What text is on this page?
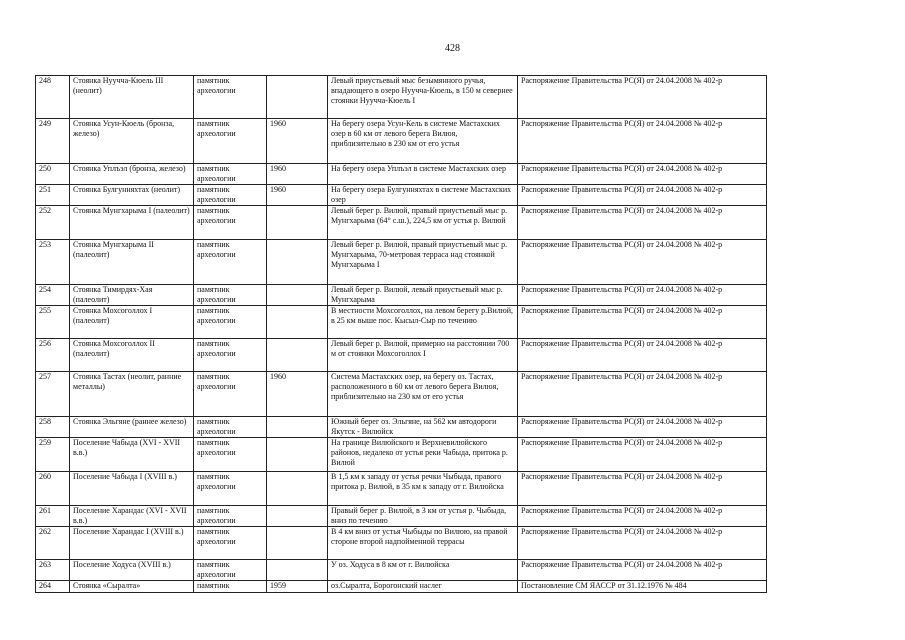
428
248	Стоянка Нуучча-Кюель III (неолит)	памятник археологии		Левый приустьевый мыс безымянного ручья, впадающего в озеро Нуучча-Кюель, в 150 м севернее стоянки Нуучча-Кюель I	Распоряжение Правительства РС(Я) от 24.04.2008 № 402-р
249	Стоянка Усун-Кюель (бронза, железо)	памятник археологии	1960	На берегу озера Усун-Кель в системе Мастахских озер в 60 км от левого берега Вилюя, приблизительно в 230 км от его устья	Распоряжение Правительства РС(Я) от 24.04.2008 № 402-р
250	Стоянка Уплъэл (бронза, железо)	памятник археологии	1960	На берегу озера Уплъэл в системе Мастахских озер	Распоряжение Правительства РС(Я) от 24.04.2008 № 402-р
251	Стоянка Булгунняхтах (неолит)	памятник археологии	1960	На берегу озера Булгунняхтах в системе Мастахских озер	Распоряжение Правительства РС(Я) от 24.04.2008 № 402-р
252	Стоянка Мунгхарыма I (палеолит)	памятник археологии		Левый берег р. Вилюй, правый приустьевый мыс р. Мунгхарыма (64° с.ш.), 224,5 км от устья р. Вилюй	Распоряжение Правительства РС(Я) от 24.04.2008 № 402-р
253	Стоянка Мунгхарыма II (палеолит)	памятник археологии		Левый берег р. Вилюй, правый приустьевый мыс р. Мунгхарыма, 70-метровая терраса над стоянкой Мунгхарыма I	Распоряжение Правительства РС(Я) от 24.04.2008 № 402-р
254	Стоянка Тимирдях-Хая (палеолит)	памятник археологии		Левый берег р. Вилюй, левый приустьевый мыс р. Мунгхарыма	Распоряжение Правительства РС(Я) от 24.04.2008 № 402-р
255	Стоянка Мохсоголлох I (палеолит)	памятник археологии		В местности Мохсоголлох, на левом берегу р.Вилюй, в 25 км выше пос. Кысыл-Сыр по течению	Распоряжение Правительства РС(Я) от 24.04.2008 № 402-р
256	Стоянка Мохсоголлох II (палеолит)	памятник археологии		Левый берег р. Вилюй, примерно на расстоянии 700 м от стоянки Мохсоголлох I	Распоряжение Правительства РС(Я) от 24.04.2008 № 402-р
257	Стоянка Тастах (неолит, ранние металлы)	памятник археологии	1960	Система Мастахских озер, на берегу оз. Тастах, расположенного в 60 км от левого берега Вилюя, приблизительно на 230 км от его устья	Распоряжение Правительства РС(Я) от 24.04.2008 № 402-р
258	Стоянка Эльгяне (раннее железо)	памятник археологии		Южный берег оз. Эльгяне, на 562 км автодороги Якутск - Вилюйск	Распоряжение Правительства РС(Я) от 24.04.2008 № 402-р
259	Поселение Чабыда (XVI - XVII в.в.)	памятник археологии		На границе Вилюйского и Верхневилюйского районов, недалеко от устья реки Чабыда, притока р. Вилюй	Распоряжение Правительства РС(Я) от 24.04.2008 № 402-р
260	Поселение Чабыда I (XVIII в.)	памятник археологии		В 1,5 км к западу от устья речки Чыбыда, правого притока р. Вилюй, в 35 км к западу от г. Вилюйска	Распоряжение Правительства РС(Я) от 24.04.2008 № 402-р
261	Поселение Харандас (XVI - XVII в.в.)	памятник археологии		Правый берег р. Вилюй, в 3 км от устья р. Чыбыда, вниз по течению	Распоряжение Правительства РС(Я) от 24.04.2008 № 402-р
262	Поселение Харандас I (XVIII в.)	памятник археологии		В 4 км вниз от устья Чыбыды по Вилюю, на правой стороне второй надпойменной террасы	Распоряжение Правительства РС(Я) от 24.04.2008 № 402-р
263	Поселение Ходуса (XVIII в.)	памятник археологии		У оз. Ходуса в 8 км от г. Вилюйска	Распоряжение Правительства РС(Я) от 24.04.2008 № 402-р
264	Стоянка «Сыралта»	памятник	1959	оз.Сыралта, Борогонский наслег	Постановление СМ ЯАССР от 31.12.1976 № 484
